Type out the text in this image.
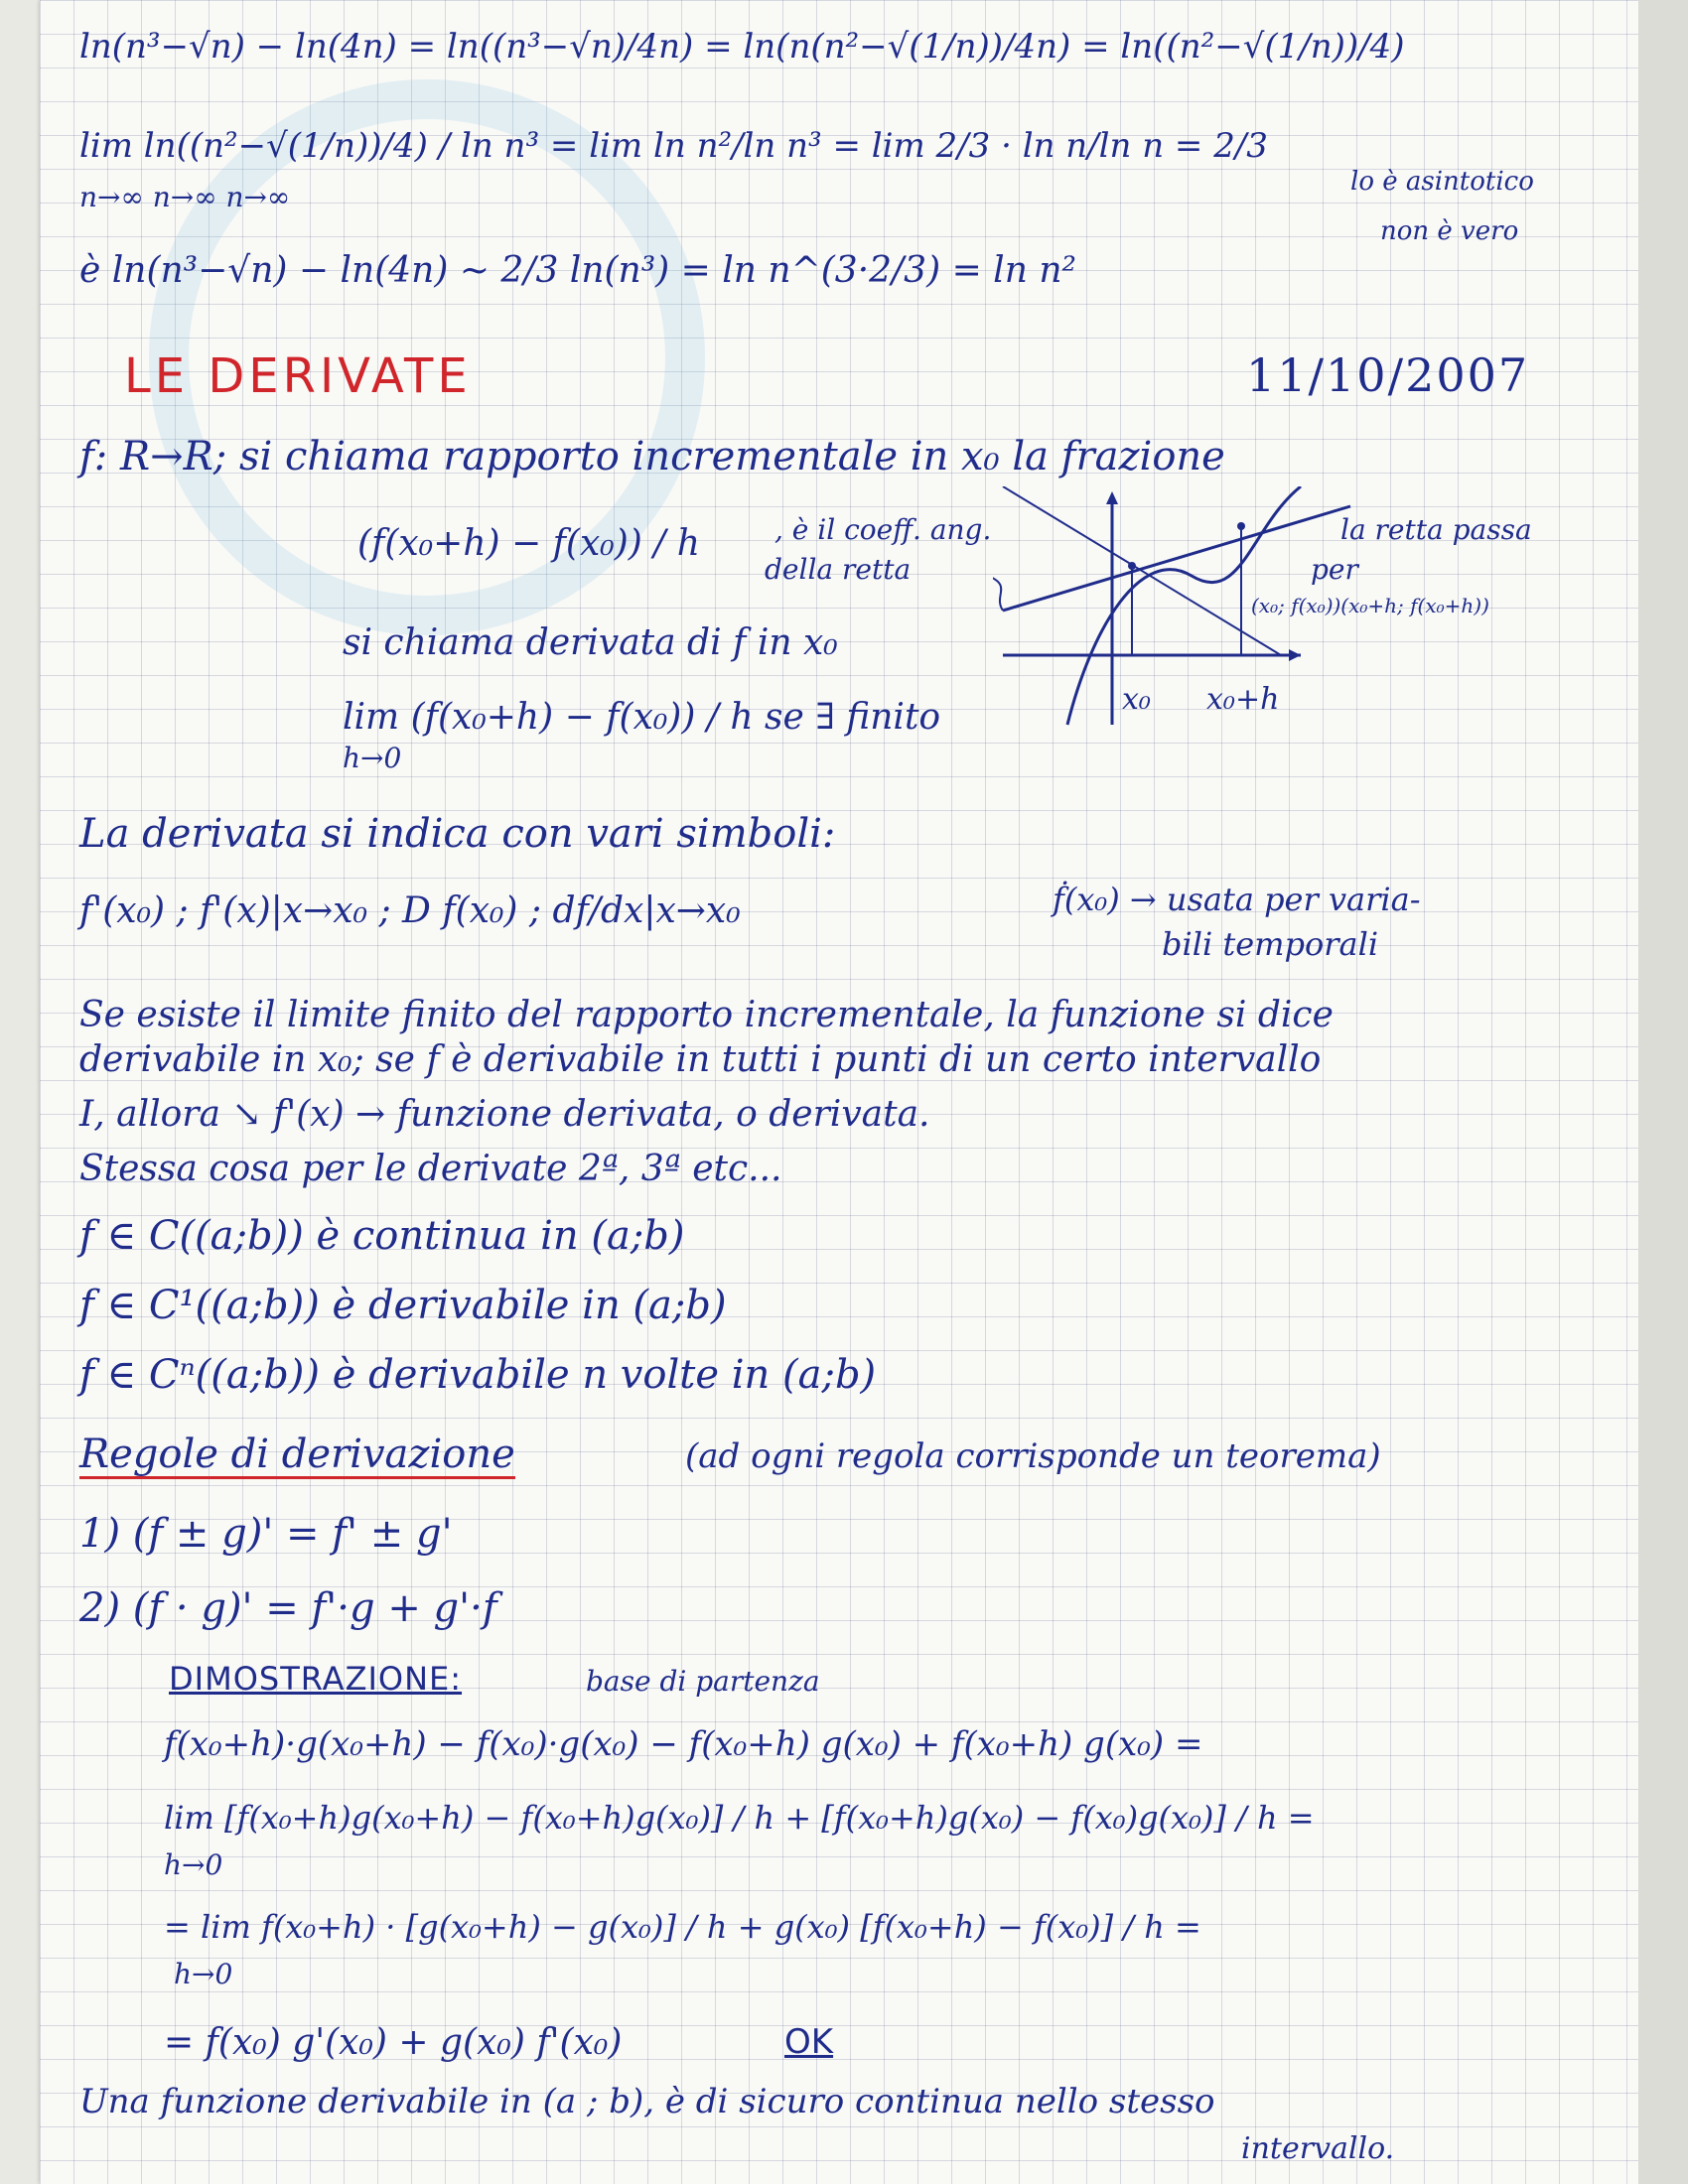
ln(n³−√n) − ln(4n) = ln((n³−√n)/4n) = ln(n(n²−√(1/n))/4n) = ln((n²−√(1/n))/4)
lim ln((n²−√(1/n))/4) / ln n³ = lim ln n²/ln n³ = lim 2/3 · ln n/ln n = 2/3
n→∞ n→∞ n→∞	lo è asintotico
non è vero
è ln(n³−√n) − ln(4n) ~ 2/3 ln(n³) = ln n^(3·2/3) = ln n²
LE DERIVATE	11/10/2007
f: R→R; si chiama rapporto incrementale in x₀ la frazione
(f(x₀+h) − f(x₀)) / h	, è il coeff. ang.
della retta
si chiama derivata di f in x₀
lim (f(x₀+h) − f(x₀)) / h se ∃ finito
h→0
x₀ x₀+h
la retta passa
per
(x₀; f(x₀))(x₀+h; f(x₀+h))
La derivata si indica con vari simboli:
f'(x₀) ; f'(x)|x→x₀ ; D f(x₀) ; df/dx|x→x₀	ḟ(x₀) → usata per varia-
bili temporali
Se esiste il limite finito del rapporto incrementale, la funzione si dice
derivabile in x₀; se f è derivabile in tutti i punti di un certo intervallo
I, allora ↘ f'(x) → funzione derivata, o derivata.
Stessa cosa per le derivate 2ª, 3ª etc...
f ∈ C((a;b)) è continua in (a;b)
f ∈ C¹((a;b)) è derivabile in (a;b)
f ∈ Cⁿ((a;b)) è derivabile n volte in (a;b)
Regole di derivazione	(ad ogni regola corrisponde un teorema)
1) (f ± g)' = f' ± g'
2) (f · g)' = f'·g + g'·f
DIMOSTRAZIONE:	base di partenza
f(x₀+h)·g(x₀+h) − f(x₀)·g(x₀) − f(x₀+h) g(x₀) + f(x₀+h) g(x₀) =
lim [f(x₀+h)g(x₀+h) − f(x₀+h)g(x₀)] / h + [f(x₀+h)g(x₀) − f(x₀)g(x₀)] / h =
h→0
= lim f(x₀+h) · [g(x₀+h) − g(x₀)] / h + g(x₀) [f(x₀+h) − f(x₀)] / h =
h→0
= f(x₀) g'(x₀) + g(x₀) f'(x₀)	OK
Una funzione derivabile in (a ; b), è di sicuro continua nello stesso
intervallo.
